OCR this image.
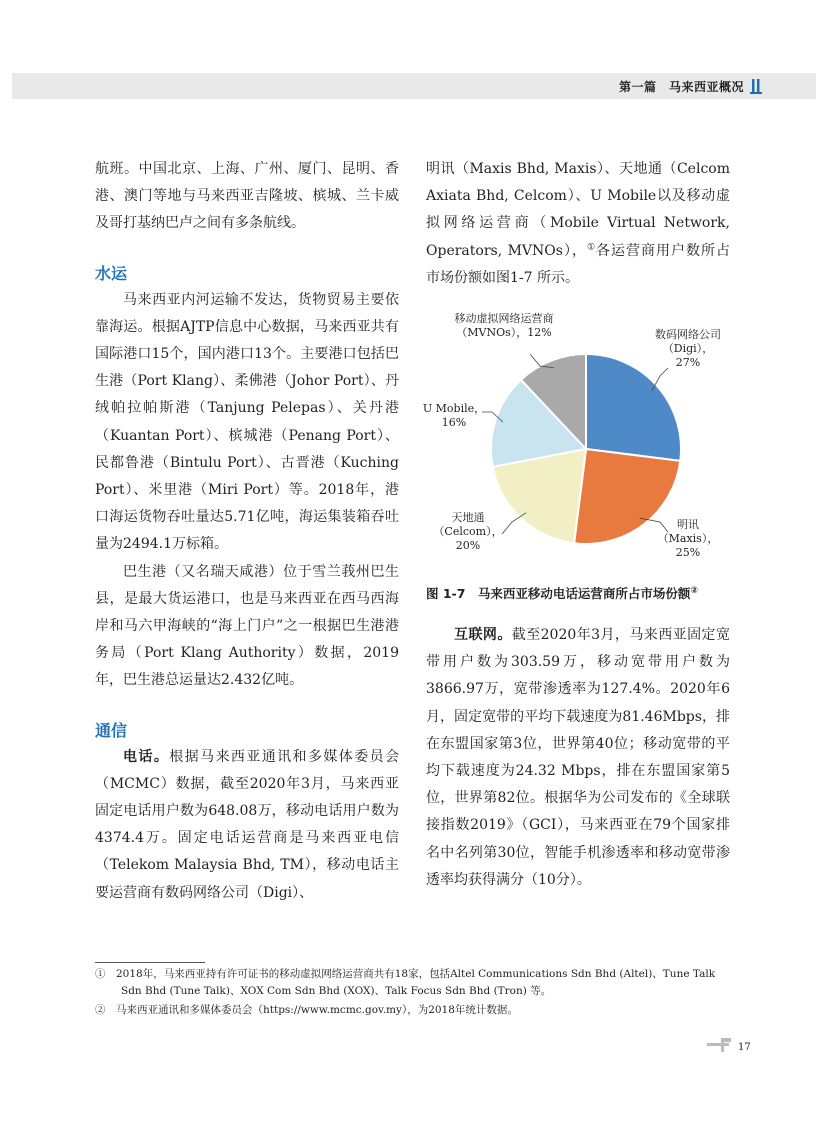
第一篇　马来西亚概况

航班。中国北京、上海、广州、厦门、昆明、香港、澳门等地与马来西亚吉隆坡、槟城、兰卡威及哥打基纳巴卢之间有多条航线。

水运

马来西亚内河运输不发达，货物贸易主要依靠海运。根据AJTP信息中心数据，马来西亚共有国际港口15个，国内港口13个。主要港口包括巴生港（Port Klang）、柔佛港（Johor Port）、丹绒帕拉帕斯港（Tanjung Pelepas）、关丹港（Kuantan Port）、槟城港（Penang Port）、民都鲁港（Bintulu Port）、古晋港（Kuching Port）、米里港（Miri Port）等。2018年，港口海运货物吞吐量达5.71亿吨，海运集装箱吞吐量为2494.1万标箱。

巴生港（又名瑞天咸港）位于雪兰莪州巴生县，是最大货运港口，也是马来西亚在西马西海岸和马六甲海峡的“海上门户”之一根据巴生港港务局（Port Klang Authority）数据，2019年，巴生港总运量达2.432亿吨。

通信

电话。根据马来西亚通讯和多媒体委员会（MCMC）数据，截至2020年3月，马来西亚固定电话用户数为648.08万，移动电话用户数为4374.4万。固定电话运营商是马来西亚电信（Telekom Malaysia Bhd, TM），移动电话主要运营商有数码网络公司（Digi）、

明讯（Maxis Bhd, Maxis）、天地通（Celcom Axiata Bhd, Celcom）、U Mobile以及移动虚拟网络运营商（Mobile Virtual Network, Operators, MVNOs），①各运营商用户数所占市场份额如图1-7 所示。

数码网络公司（Digi）， 27%
明讯（Maxis）， 25%
天地通（Celcom）， 20%
U Mobile， 16%
移动虚拟网络运营商（MVNOs），12%
图 1-7　马来西亚移动电话运营商所占市场份额②

互联网。截至2020年3月，马来西亚固定宽带用户数为303.59万，移动宽带用户数为3866.97万，宽带渗透率为127.4%。2020年6月，固定宽带的平均下载速度为81.46Mbps，排在东盟国家第3位，世界第40位；移动宽带的平均下载速度为24.32 Mbps，排在东盟国家第5位，世界第82位。根据华为公司发布的《全球联接指数2019》（GCI），马来西亚在79个国家排名中名列第30位，智能手机渗透率和移动宽带渗透率均获得满分（10分）。

①　 2018年，马来西亚持有许可证书的移动虚拟网络运营商共有18家，包括Altel Communications Sdn Bhd (Altel)、Tune Talk Sdn Bhd (Tune Talk)、XOX Com Sdn Bhd (XOX)、Talk Focus Sdn Bhd (Tron) 等。

②　 马来西亚通讯和多媒体委员会（https://www.mcmc.gov.my），为2018年统计数据。

17
